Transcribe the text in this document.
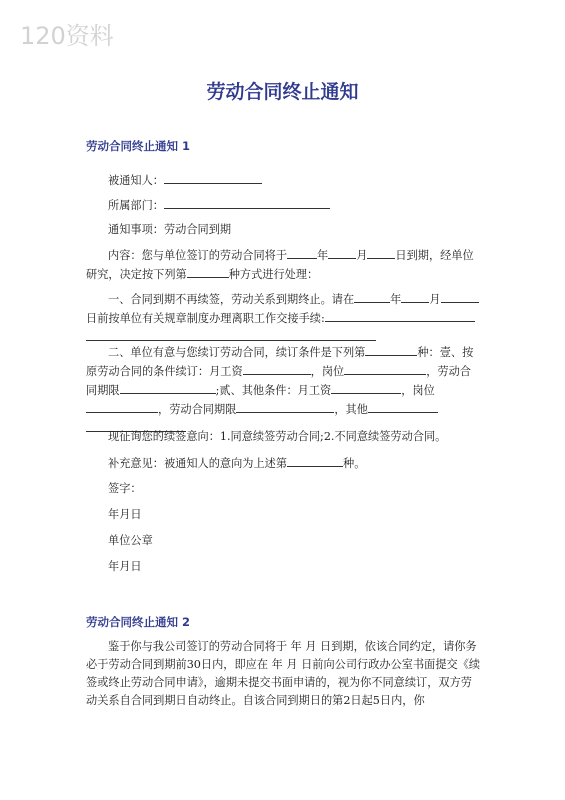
120资料
劳动合同终止通知
劳动合同终止通知 1
被通知人：
所属部门：
通知事项：劳动合同到期
内容：您与单位签订的劳动合同将于	年	月	日到期，经单位研究，决定按下列第	种方式进行处理：
一、合同到期不再续签，劳动关系到期终止。请在	年	月日前按单位有关规章制度办理离职工作交接手续:
二、单位有意与您续订劳动合同，续订条件是下列第	种：壹、按原劳动合同的条件续订：月工资	，岗位	，劳动合同期限	;贰、其他条件：月工资	，岗位，劳动合同期限	，其他
现征询您的续签意向：1.同意续签劳动合同;2.不同意续签劳动合同。
补充意见：被通知人的意向为上述第	种。
签字：
年月日
单位公章
年月日
劳动合同终止通知 2
鉴于你与我公司签订的劳动合同将于 年 月 日到期，依该合同约定，请你务必于劳动合同到期前30日内，即应在 年 月 日前向公司行政办公室书面提交《续签或终止劳动合同申请》，逾期未提交书面申请的，视为你不同意续订，双方劳动关系自合同到期日自动终止。自该合同到期日的第2日起5日内，你
